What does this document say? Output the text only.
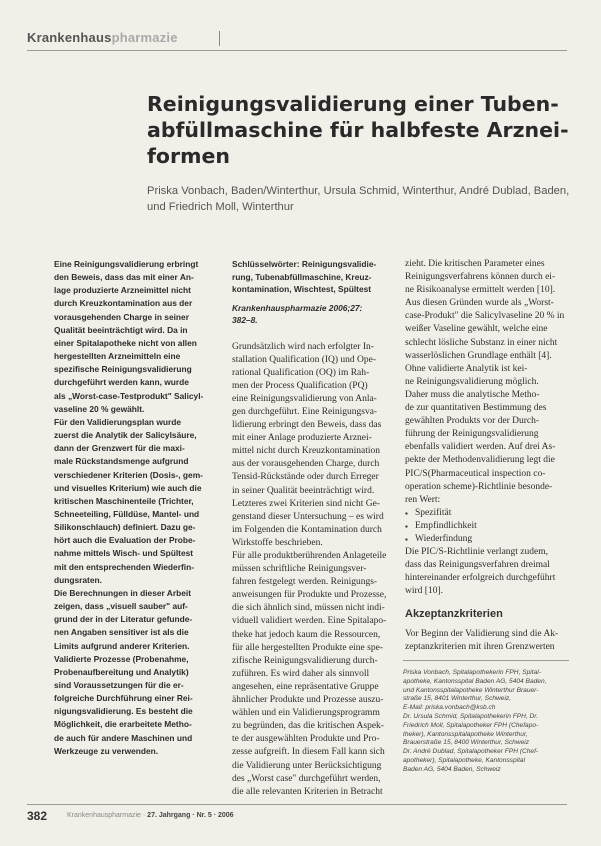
Krankenhauspharmazie
Reinigungsvalidierung einer Tuben-
abfüllmaschine für halbfeste Arznei-
formen
Priska Vonbach, Baden/Winterthur, Ursula Schmid, Winterthur, André Dublad, Baden,
und Friedrich Moll, Winterthur
Eine Reinigungsvalidierung erbringt
den Beweis, dass das mit einer An-
lage produzierte Arzneimittel nicht
durch Kreuzkontamination aus der
vorausgehenden Charge in seiner
Qualität beeinträchtigt wird. Da in
einer Spitalapotheke nicht von allen
hergestellten Arzneimitteln eine
spezifische Reinigungsvalidierung
durchgeführt werden kann, wurde
als „Worst-case-Testprodukt" Salicyl-
vaseline 20 % gewählt.
Für den Validierungsplan wurde
zuerst die Analytik der Salicylsäure,
dann der Grenzwert für die maxi-
male Rückstandsmenge aufgrund
verschiedener Kriterien (Dosis-, gem-
und visuelles Kriterium) wie auch die
kritischen Maschinenteile (Trichter,
Schneeteiling, Fülldüse, Mantel- und
Silikonschlauch) definiert. Dazu ge-
hört auch die Evaluation der Probe-
nahme mittels Wisch- und Spültest
mit den entsprechenden Wiederfin-
dungsraten.
Die Berechnungen in dieser Arbeit
zeigen, dass „visuell sauber" auf-
grund der in der Literatur gefunde-
nen Angaben sensitiver ist als die
Limits aufgrund anderer Kriterien.
Validierte Prozesse (Probenahme,
Probenaufbereitung und Analytik)
sind Voraussetzungen für die er-
folgreiche Durchführung einer Rei-
nigungsvalidierung. Es besteht die
Möglichkeit, die erarbeitete Metho-
de auch für andere Maschinen und
Werkzeuge zu verwenden.
Schlüsselwörter: Reinigungsvalidie-
rung, Tubenabfüllmaschine, Kreuz-
kontamination, Wischtest, Spültest
Krankenhauspharmazie 2006;27:
382–8.
Grundsätzlich wird nach erfolgter In-
stallation Qualification (IQ) und Ope-
rational Qualification (OQ) im Rah-
men der Process Qualification (PQ)
eine Reinigungsvalidierung von Anla-
gen durchgeführt. Eine Reinigungsva-
lidierung erbringt den Beweis, dass das
mit einer Anlage produzierte Arznei-
mittel nicht durch Kreuzkontamination
aus der vorausgehenden Charge, durch
Tensid-Rückstände oder durch Erreger
in seiner Qualität beeinträchtigt wird.
Letzteres zwei Kriterien sind nicht Ge-
genstand dieser Untersuchung – es wird
im Folgenden die Kontamination durch
Wirkstoffe beschrieben.
Für alle produktberührenden Anlageteile
müssen schriftliche Reinigungsver-
fahren festgelegt werden. Reinigungs-
anweisungen für Produkte und Prozesse,
die sich ähnlich sind, müssen nicht indi-
viduell validiert werden. Eine Spitalapo-
theke hat jedoch kaum die Ressourcen,
für alle hergestellten Produkte eine spe-
zifische Reinigungsvalidierung durch-
zuführen. Es wird daher als sinnvoll
angesehen, eine repräsentative Gruppe
ähnlicher Produkte und Prozesse auszu-
wählen und ein Validierungsprogramm
zu begründen, das die kritischen Aspek-
te der ausgewählten Produkte und Pro-
zesse aufgreift. In diesem Fall kann sich
die Validierung unter Berücksichtigung
des „Worst case" durchgeführt werden,
die alle relevanten Kriterien in Betracht
zieht. Die kritischen Parameter eines
Reinigungsverfahrens können durch ei-
ne Risikoanalyse ermittelt werden [10].
Aus diesen Gründen wurde als „Worst-
case-Produkt" die Salicylvaseline 20 % in
weißer Vaseline gewählt, welche eine
schlecht lösliche Substanz in einer nicht
wasserlöslichen Grundlage enthält [4].
Ohne validierte Analytik ist kei-
ne Reinigungsvalidierung möglich.
Daher muss die analytische Metho-
de zur quantitativen Bestimmung des
gewählten Produkts vor der Durch-
führung der Reinigungsvalidierung
ebenfalls validiert werden. Auf drei As-
pekte der Methodenvalidierung legt die
PIC/S(Pharmaceutical inspection co-
operation scheme)-Richtlinie besonde-
ren Wert:
▪ Spezifität
▪ Empfindlichkeit
▪ Wiederfindung
Die PIC/S-Richtlinie verlangt zudem,
dass das Reinigungsverfahren dreimal
hintereinander erfolgreich durchgeführt
wird [10].
Akzeptanzkriterien
Vor Beginn der Validierung sind die Ak-
zeptanzkriterien mit ihren Grenzwerten
Priska Vonbach, Spitalapothekerin FPH, Spital-
apotheke, Kantonsspital Baden AG, 5404 Baden,
und Kantonsspitalapotheke Winterthur Brauer-
straße 15, 8401 Winterthur, Schweiz,
E-Mail: priska.vonbach@ksb.ch
Dr. Ursula Schmid, Spitalapothekerin FPH, Dr.
Friedrich Moll, Spitalapotheker FPH (Chefapo-
theker), Kantonsspitalapotheke Winterthur,
Brauerstraße 15, 8400 Winterthur, Schweiz
Dr. André Dublad, Spitalapotheker FPH (Chef-
apotheker), Spitalapotheke, Kantonsspital
Baden AG, 5404 Baden, Schweiz
382	Krankenhauspharmazie · 27. Jahrgang · Nr. 5 · 2006
